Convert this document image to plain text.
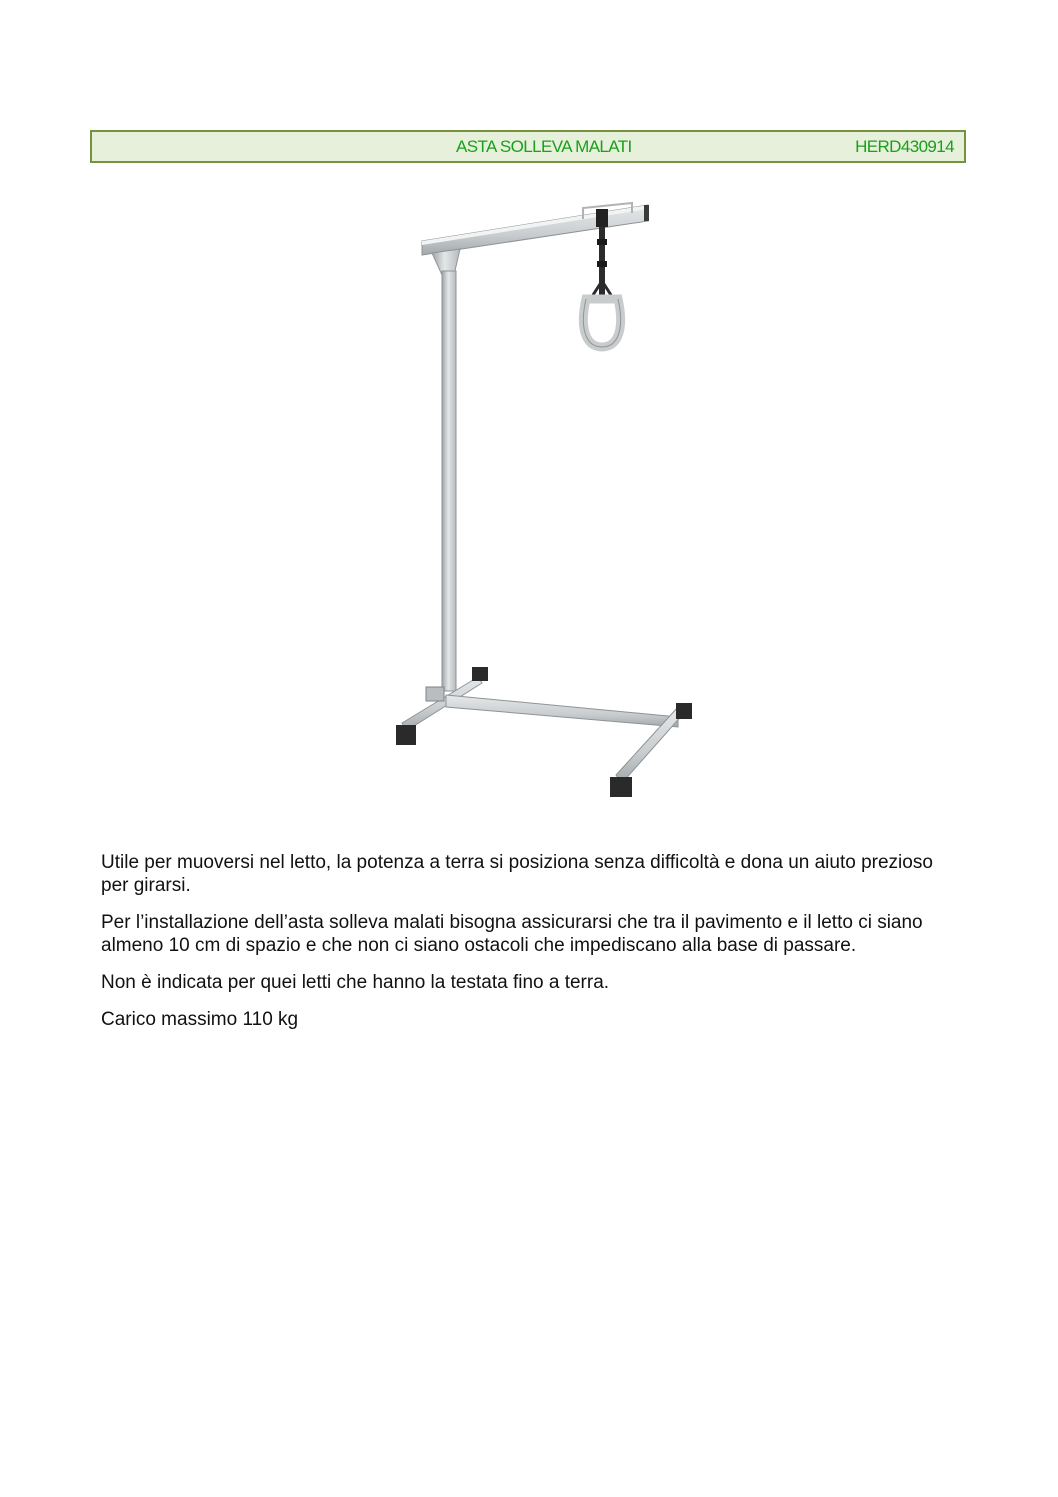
ASTA SOLLEVA MALATI	HERD430914

Utile per muoversi nel letto, la potenza a terra si posiziona senza difficoltà e dona un aiuto prezioso per girarsi.

Per l’installazione dell’asta solleva malati bisogna assicurarsi che tra il pavimento e il letto ci siano almeno 10 cm di spazio e che non ci siano ostacoli che impediscano alla base di passare.

Non è indicata per quei letti che hanno la testata fino a terra.

Carico massimo 110 kg
